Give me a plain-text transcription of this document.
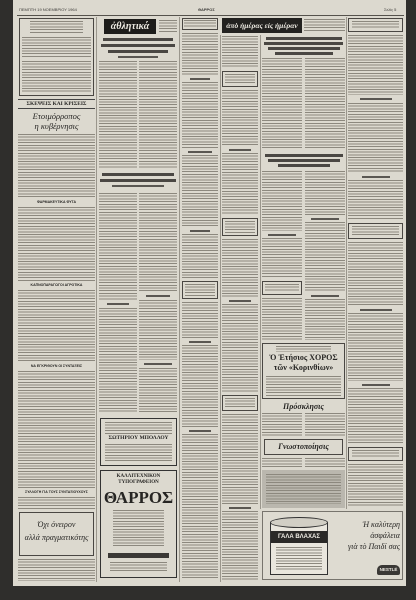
ΠΕΜΠΤΗ 19 ΝΟΕΜΒΡΙΟΥ 1964	ΘΑΡΡΟΣ	Σελίς 5
ΣΚΕΨΕΙΣ ΚΑΙ ΚΡΙΣΕΙΣ
Ετοιμόρροπος
η κυβέρνησις
ΦΑΡΜΑΚΕΥΤΙΚΑ ΦΥΤΑ
ΚΑΠΝΟΠΑΡΑΓΩΓΟΙ ΑΓΡΟΤΙΚΑ
ΝΑ ΕΓΚΡΙΘΟΥΝ ΟΙ ΣΥΝΤΑΞΕΙΣ
ΣΥΛΛΟΓΗ ΓΙΑ ΤΟΥΣ ΣΥΝΤΑΞΙΟΥΧΟΥΣ
Όχι όνειρον
αλλά πραγματικότης
ἀθλητικά
ΣΩΤΗΡΙΟΥ ΜΠΟΛΛΟΥ
ΚΑΛΛΙΤΕΧΝΙΚΟΝ
ΤΥΠΟΓΡΑΦΕΙΟΝ
ΘΑΡΡΟΣ
ἀπὸ ἡμέρας εἰς ἡμέραν
Ὁ Ἐτήσιος ΧΟΡΟΣ
τῶν «Κορινθίων»
Πρόσκλησις
Γνωστοποίησις
ΓΑΛΑ ΒΛΑΧΑΣ
Ἡ καλύτερη
ἀσφάλεια
γιὰ τὸ Παιδί σας
NESTLÉ
